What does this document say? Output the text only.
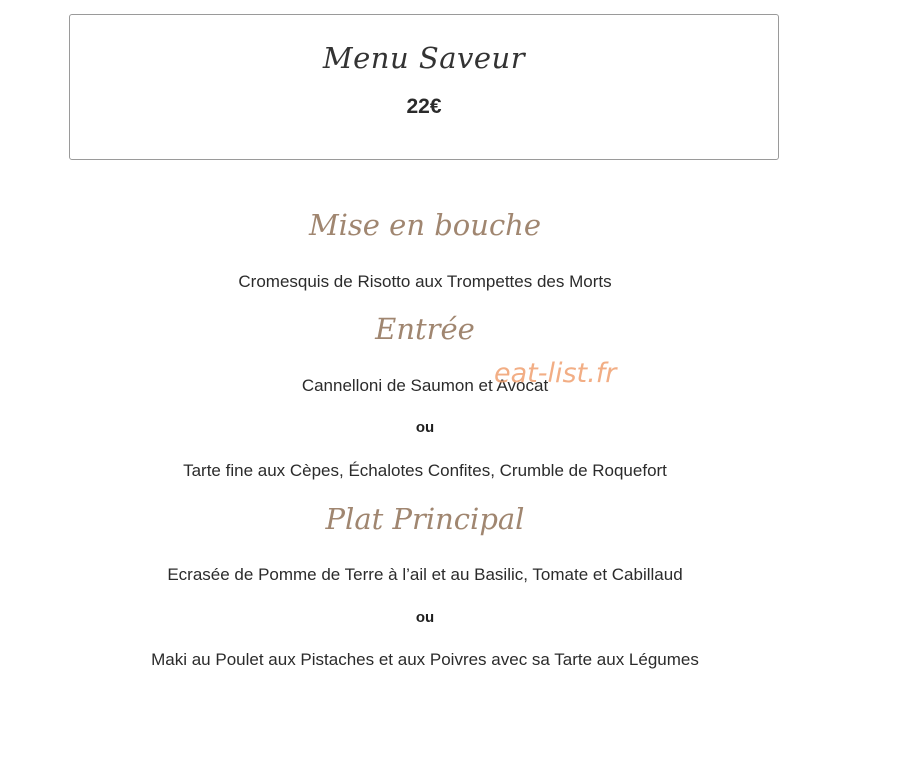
Menu Saveur
22€
Mise en bouche
Cromesquis de Risotto aux Trompettes des Morts
Entrée
Cannelloni de Saumon et Avocat
ou
Tarte fine aux Cèpes, Échalotes Confites, Crumble de Roquefort
Plat Principal
Ecrasée de Pomme de Terre à l’ail et au Basilic, Tomate et Cabillaud
ou
Maki au Poulet aux Pistaches et aux Poivres avec sa Tarte aux Légumes
eat-list.fr
